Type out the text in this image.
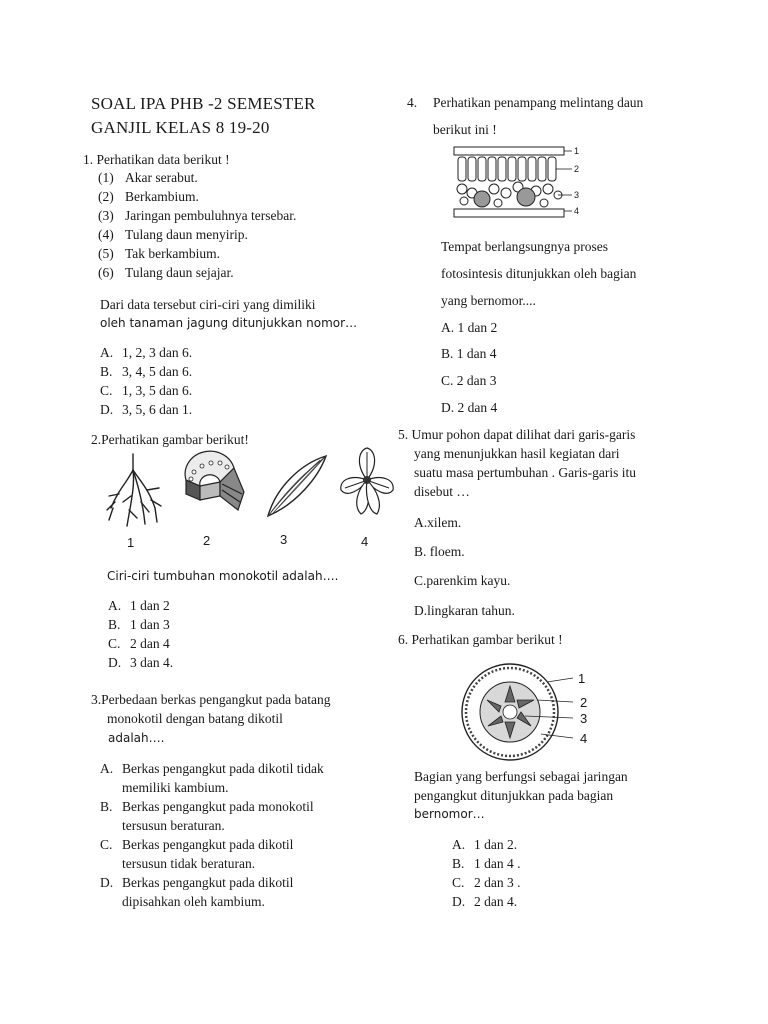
SOAL IPA PHB -2 SEMESTER
GANJIL KELAS 8 19-20
1. Perhatikan data berikut !
(1) Akar serabut.
(2) Berkambium.
(3) Jaringan pembuluhnya tersebar.
(4) Tulang daun menyirip.
(5) Tak berkambium.
(6) Tulang daun sejajar.
Dari data tersebut ciri-ciri yang dimiliki
oleh tanaman jagung ditunjukkan nomor…
A. 1, 2, 3 dan 6.
B. 3, 4, 5 dan 6.
C. 1, 3, 5 dan 6.
D. 3, 5, 6 dan 1.
2.Perhatikan gambar berikut!
1	2	3	4
Ciri-ciri tumbuhan monokotil adalah….
A. 1 dan 2
B. 1 dan 3
C. 2 dan 4
D. 3 dan 4.
3.Perbedaan berkas pengangkut pada batang
monokotil dengan batang dikotil
adalah….
A. Berkas pengangkut pada dikotil tidak
memiliki kambium.
B. Berkas pengangkut pada monokotil
tersusun beraturan.
C. Berkas pengangkut pada dikotil
tersusun tidak beraturan.
D. Berkas pengangkut pada dikotil
dipisahkan oleh kambium.
4. Perhatikan penampang melintang daun
berikut ini !
1
2
3
4
Tempat berlangsungnya proses
fotosintesis ditunjukkan oleh bagian
yang bernomor....
A. 1 dan 2
B. 1 dan 4
C. 2 dan 3
D. 2 dan 4
5. Umur pohon dapat dilihat dari garis-garis
yang menunjukkan hasil kegiatan dari
suatu masa pertumbuhan . Garis-garis itu
disebut …
A.xilem.
B. floem.
C.parenkim kayu.
D.lingkaran tahun.
6. Perhatikan gambar berikut !
1
2
3
4
Bagian yang berfungsi sebagai jaringan
pengangkut ditunjukkan pada bagian
bernomor…
A. 1 dan 2.
B. 1 dan 4 .
C. 2 dan 3 .
D. 2 dan 4.
